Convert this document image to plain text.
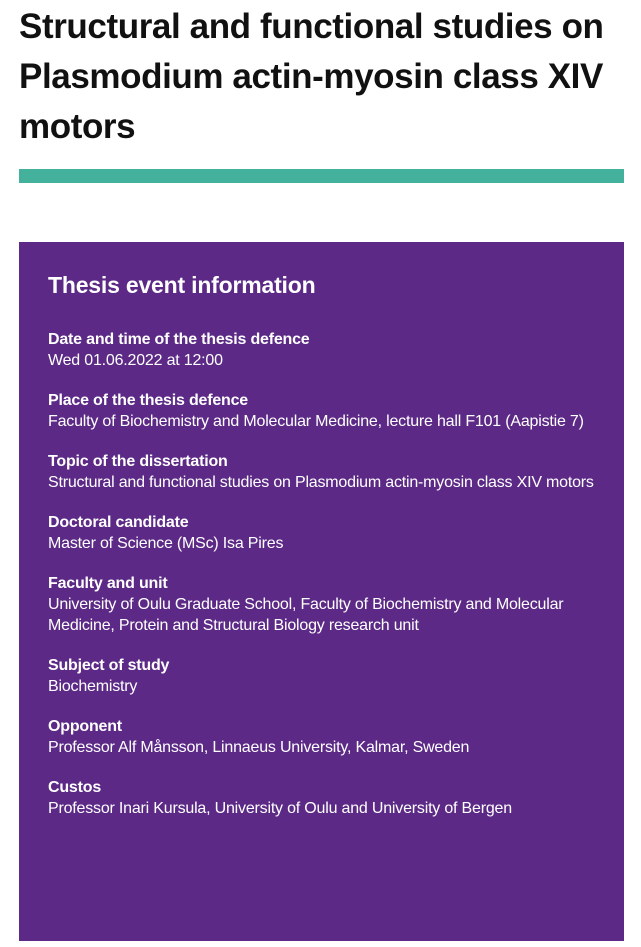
Structural and functional studies on Plasmodium actin-myosin class XIV motors
Thesis event information
Date and time of the thesis defence
Wed 01.06.2022 at 12:00
Place of the thesis defence
Faculty of Biochemistry and Molecular Medicine, lecture hall F101 (Aapistie 7)
Topic of the dissertation
Structural and functional studies on Plasmodium actin-myosin class XIV motors
Doctoral candidate
Master of Science (MSc) Isa Pires
Faculty and unit
University of Oulu Graduate School, Faculty of Biochemistry and Molecular Medicine, Protein and Structural Biology research unit
Subject of study
Biochemistry
Opponent
Professor Alf Månsson, Linnaeus University, Kalmar, Sweden
Custos
Professor Inari Kursula, University of Oulu and University of Bergen
